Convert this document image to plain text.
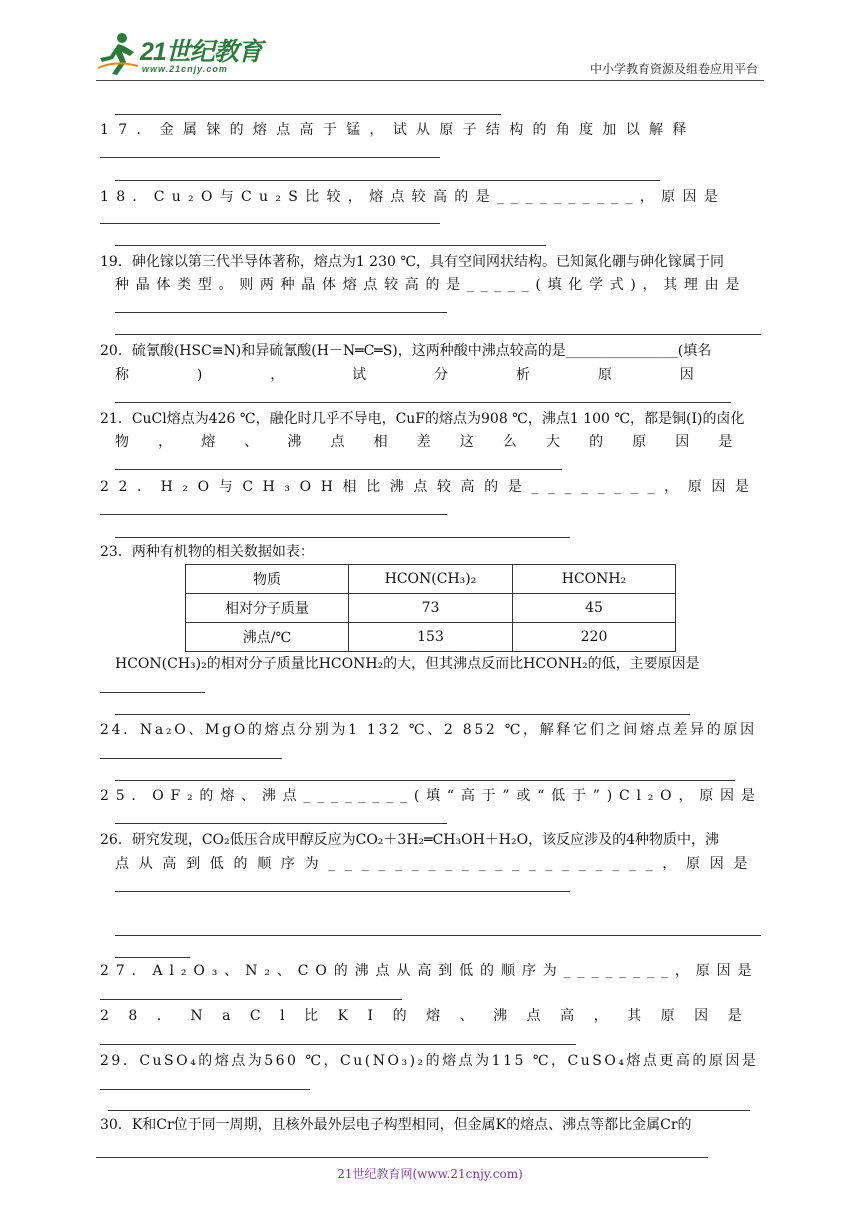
21世纪教育
www.21cnjy.com	中小学教育资源及组卷应用平台
17．金属铼的熔点高于锰，试从原子结构的角度加以解释
18．Cu₂O与Cu₂S比较，熔点较高的是__________，原因是
19．砷化镓以第三代半导体著称，熔点为1 230 ℃，具有空间网状结构。已知氮化硼与砷化镓属于同
种晶体类型。则两种晶体熔点较高的是_____(填化学式)，其理由是
20．硫氰酸(HSC≡N)和异硫氰酸(H－N═C═S)，这两种酸中沸点较高的是________________(填名
称)，试分析原因
21．CuCl熔点为426 ℃，融化时几乎不导电，CuF的熔点为908 ℃，沸点1 100 ℃，都是铜(I)的卤化
物，熔、沸点相差这么大的原因是
22．H₂O与CH₃OH相比沸点较高的是________，原因是
23．两种有机物的相关数据如表：
物质	HCON(CH₃)₂	HCONH₂
相对分子质量	73	45
沸点/℃	153	220
HCON(CH₃)₂的相对分子质量比HCONH₂的大，但其沸点反而比HCONH₂的低，主要原因是
24．Na₂O、MgO的熔点分别为1 132 ℃、2 852 ℃，解释它们之间熔点差异的原因
25．OF₂的熔、沸点________(填“高于”或“低于”)Cl₂O，原因是
26．研究发现，CO₂低压合成甲醇反应为CO₂＋3H₂═CH₃OH＋H₂O，该反应涉及的4种物质中，沸
点从高到低的顺序为____________________，原因是
27．Al₂O₃、N₂、CO的沸点从高到低的顺序为________，原因是
28．NaCl比KI的熔、沸点高，其原因是
29．CuSO₄的熔点为560 ℃，Cu(NO₃)₂的熔点为115 ℃，CuSO₄熔点更高的原因是
30．K和Cr位于同一周期，且核外最外层电子构型相同，但金属K的熔点、沸点等都比金属Cr的
21世纪教育网(www.21cnjy.com)
